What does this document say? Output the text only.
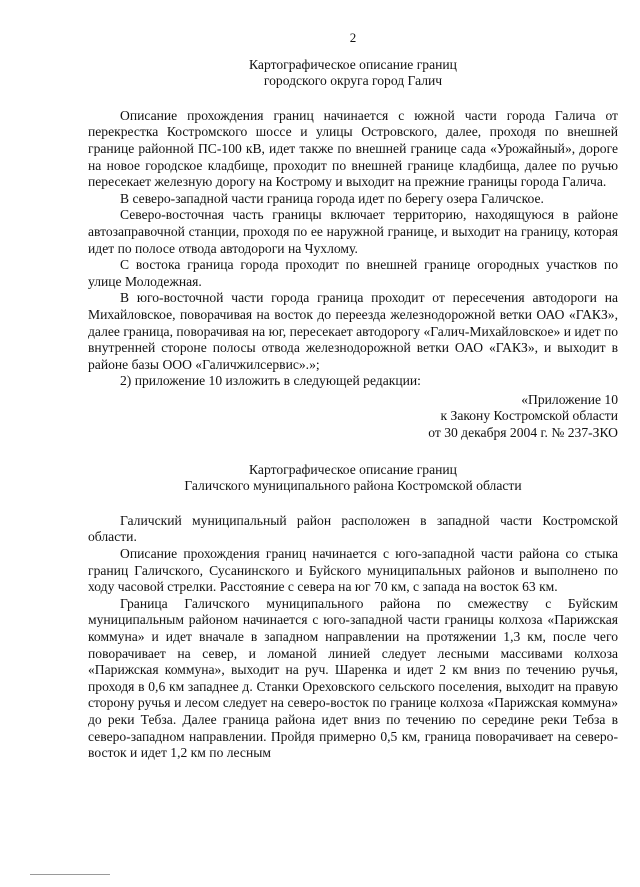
2

Картографическое описание границ

городского округа город Галич

Описание прохождения границ начинается с южной части города Галича от перекрестка Костромского шоссе и улицы Островского, далее, проходя по внешней границе районной ПС-100 кВ, идет также по внешней границе сада «Урожайный», дороге на новое городское кладбище, проходит по внешней границе кладбища, далее по ручью пересекает железную дорогу на Кострому и выходит на прежние границы города Галича.

В северо-западной части граница города идет по берегу озера Галичское.

Северо-восточная часть границы включает территорию, находящуюся в районе автозаправочной станции, проходя по ее наружной границе, и выходит на границу, которая идет по полосе отвода автодороги на Чухлому.

С востока граница города проходит по внешней границе огородных участков по улице Молодежная.

В юго-восточной части города граница проходит от пересечения автодороги на Михайловское, поворачивая на восток до переезда железнодорожной ветки ОАО «ГАКЗ», далее граница, поворачивая на юг, пересекает автодорогу «Галич-Михайловское» и идет по внутренней стороне полосы отвода железнодорожной ветки ОАО «ГАКЗ», и выходит в районе базы ООО «Галичжилсервис».»;

2) приложение 10 изложить в следующей редакции:

«Приложение 10

к Закону Костромской области

от 30 декабря 2004 г. № 237-ЗКО

Картографическое описание границ

Галичского муниципального района Костромской области

Галичский муниципальный район расположен в западной части Костромской области.

Описание прохождения границ начинается с юго-западной части района со стыка границ Галичского, Сусанинского и Буйского муниципальных районов и выполнено по ходу часовой стрелки. Расстояние с севера на юг 70 км, с запада на восток 63 км.

Граница Галичского муниципального района по смежеству с Буйским муниципальным районом начинается с юго-западной части границы колхоза «Парижская коммуна» и идет вначале в западном направлении на протяжении 1,3 км, после чего поворачивает на север, и ломаной линией следует лесными массивами колхоза «Парижская коммуна», выходит на руч. Шаренка и идет 2 км вниз по течению ручья, проходя в 0,6 км западнее д. Станки Ореховского сельского поселения, выходит на правую сторону ручья и лесом следует на северо-восток по границе колхоза «Парижская коммуна» до реки Тебза. Далее граница района идет вниз по течению по середине реки Тебза в северо-западном направлении. Пройдя примерно 0,5 км, граница поворачивает на северо-восток и идет 1,2 км по лесным
